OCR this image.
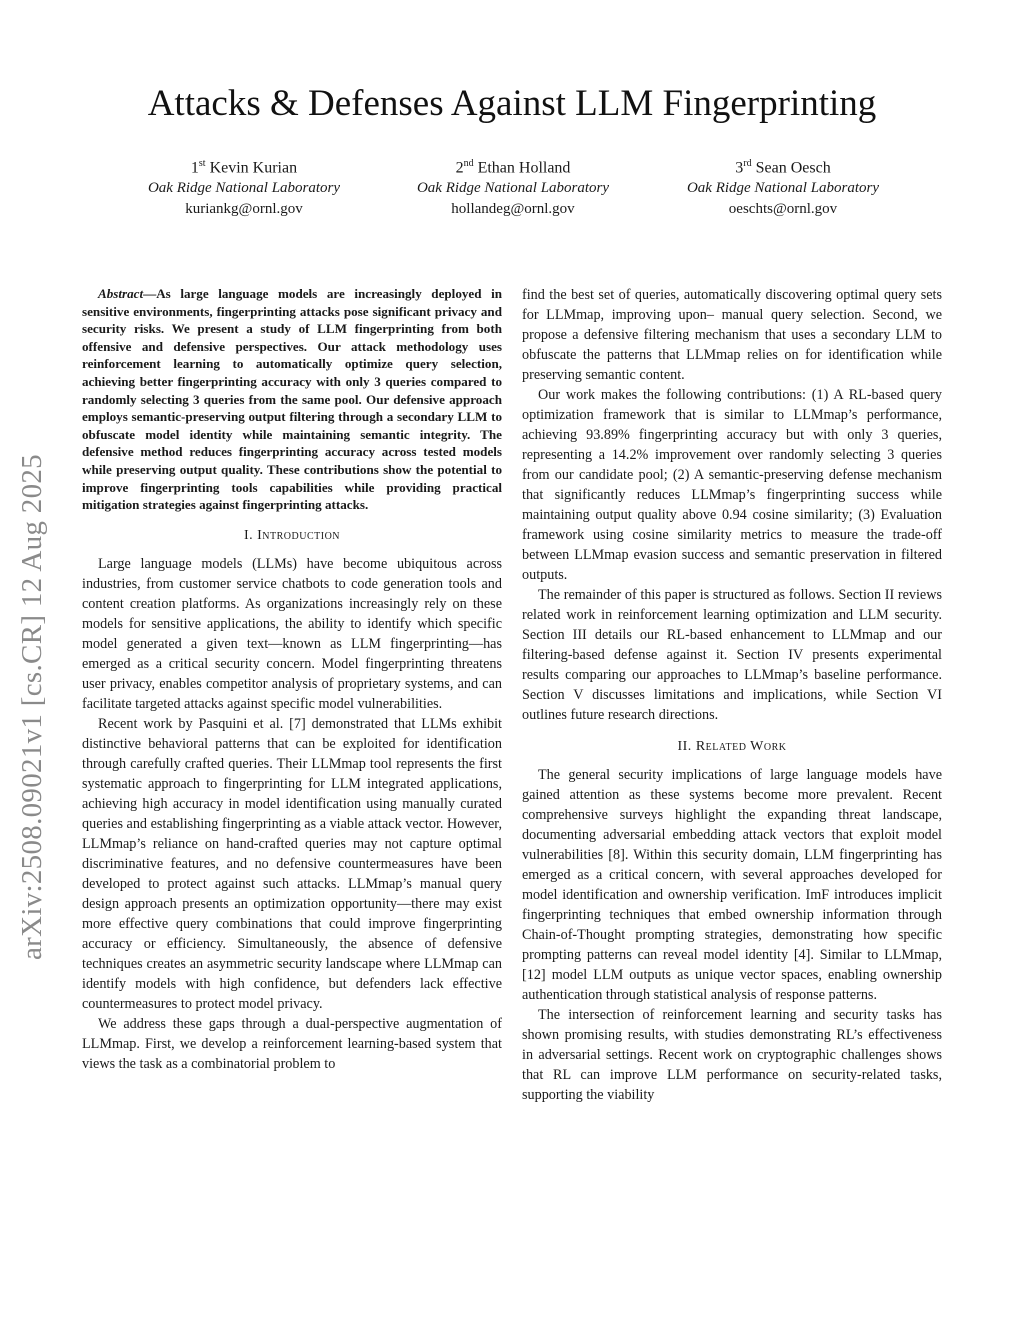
Attacks & Defenses Against LLM Fingerprinting
1st Kevin Kurian
Oak Ridge National Laboratory
kuriankg@ornl.gov
2nd Ethan Holland
Oak Ridge National Laboratory
hollandeg@ornl.gov
3rd Sean Oesch
Oak Ridge National Laboratory
oeschts@ornl.gov
arXiv:2508.09021v1 [cs.CR] 12 Aug 2025

Abstract—As large language models are increasingly deployed in sensitive environments, fingerprinting attacks pose significant privacy and security risks. We present a study of LLM fingerprinting from both offensive and defensive perspectives. Our attack methodology uses reinforcement learning to automatically optimize query selection, achieving better fingerprinting accuracy with only 3 queries compared to randomly selecting 3 queries from the same pool. Our defensive approach employs semantic-preserving output filtering through a secondary LLM to obfuscate model identity while maintaining semantic integrity. The defensive method reduces fingerprinting accuracy across tested models while preserving output quality. These contributions show the potential to improve fingerprinting tools capabilities while providing practical mitigation strategies against fingerprinting attacks.

I. Introduction

Large language models (LLMs) have become ubiquitous across industries, from customer service chatbots to code generation tools and content creation platforms. As organizations increasingly rely on these models for sensitive applications, the ability to identify which specific model generated a given text—known as LLM fingerprinting—has emerged as a critical security concern. Model fingerprinting threatens user privacy, enables competitor analysis of proprietary systems, and can facilitate targeted attacks against specific model vulnerabilities.

Recent work by Pasquini et al. [7] demonstrated that LLMs exhibit distinctive behavioral patterns that can be exploited for identification through carefully crafted queries. Their LLMmap tool represents the first systematic approach to fingerprinting for LLM integrated applications, achieving high accuracy in model identification using manually curated queries and establishing fingerprinting as a viable attack vector. However, LLMmap’s reliance on hand-crafted queries may not capture optimal discriminative features, and no defensive countermeasures have been developed to protect against such attacks. LLMmap’s manual query design approach presents an optimization opportunity—there may exist more effective query combinations that could improve fingerprinting accuracy or efficiency. Simultaneously, the absence of defensive techniques creates an asymmetric security landscape where LLMmap can identify models with high confidence, but defenders lack effective countermeasures to protect model privacy.

We address these gaps through a dual-perspective augmentation of LLMmap. First, we develop a reinforcement learning-based system that views the task as a combinatorial problem to

find the best set of queries, automatically discovering optimal query sets for LLMmap, improving upon– manual query selection. Second, we propose a defensive filtering mechanism that uses a secondary LLM to obfuscate the patterns that LLMmap relies on for identification while preserving semantic content.

Our work makes the following contributions: (1) A RL-based query optimization framework that is similar to LLMmap’s performance, achieving 93.89% fingerprinting accuracy but with only 3 queries, representing a 14.2% improvement over randomly selecting 3 queries from our candidate pool; (2) A semantic-preserving defense mechanism that significantly reduces LLMmap’s fingerprinting success while maintaining output quality above 0.94 cosine similarity; (3) Evaluation framework using cosine similarity metrics to measure the trade-off between LLMmap evasion success and semantic preservation in filtered outputs.

The remainder of this paper is structured as follows. Section II reviews related work in reinforcement learning optimization and LLM security. Section III details our RL-based enhancement to LLMmap and our filtering-based defense against it. Section IV presents experimental results comparing our approaches to LLMmap’s baseline performance. Section V discusses limitations and implications, while Section VI outlines future research directions.

II. Related Work

The general security implications of large language models have gained attention as these systems become more prevalent. Recent comprehensive surveys highlight the expanding threat landscape, documenting adversarial embedding attack vectors that exploit model vulnerabilities [8]. Within this security domain, LLM fingerprinting has emerged as a critical concern, with several approaches developed for model identification and ownership verification. ImF introduces implicit fingerprinting techniques that embed ownership information through Chain-of-Thought prompting strategies, demonstrating how specific prompting patterns can reveal model identity [4]. Similar to LLMmap, [12] model LLM outputs as unique vector spaces, enabling ownership authentication through statistical analysis of response patterns.

The intersection of reinforcement learning and security tasks has shown promising results, with studies demonstrating RL’s effectiveness in adversarial settings. Recent work on cryptographic challenges shows that RL can improve LLM performance on security-related tasks, supporting the viability
